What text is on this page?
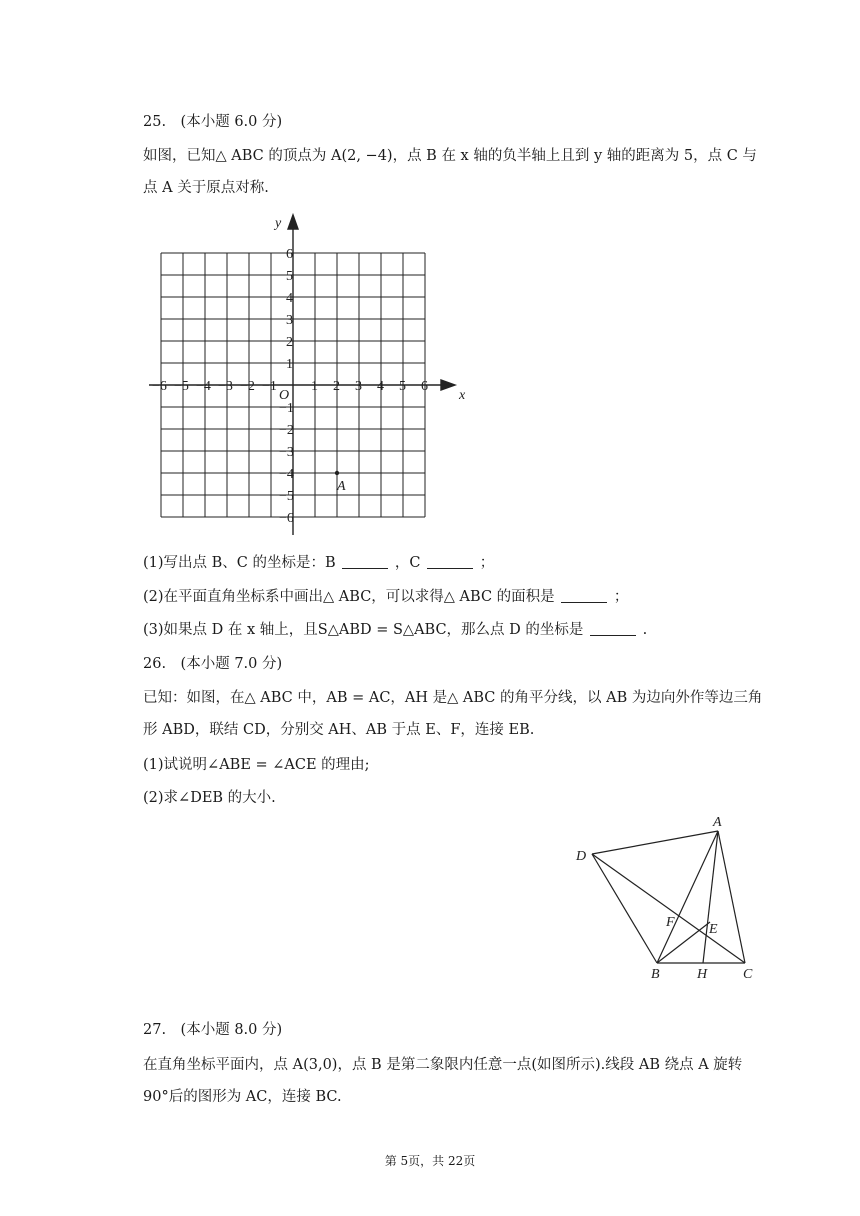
25.　(本小题 6.0 分)
如图，已知△ ABC 的顶点为 A(2, −4)，点 B 在 x 轴的负半轴上且到 y 轴的距离为 5，点 C 与
点 A 关于原点对称.
−6 −5 −4 −3 −2 −1 1 2 3 4 5 6
6
5
4
3
2
1
−1
−2
−3
−4
−5
−6
O	x
y
A
(1)写出点 B、C 的坐标是：B	，C	；
(2)在平面直角坐标系中画出△ ABC，可以求得△ ABC 的面积是	；
(3)如果点 D 在 x 轴上，且S△ABD = S△ABC，那么点 D 的坐标是	.
26.　(本小题 7.0 分)
已知：如图，在△ ABC 中，AB = AC，AH 是△ ABC 的角平分线，以 AB 为边向外作等边三角
形 ABD，联结 CD，分别交 AH、AB 于点 E、F，连接 EB.
(1)试说明∠ABE = ∠ACE 的理由;
(2)求∠DEB 的大小.
A
D
F E
B	H	C
27.　(本小题 8.0 分)
在直角坐标平面内，点 A(3,0)，点 B 是第二象限内任意一点(如图所示).线段 AB 绕点 A 旋转
90°后的图形为 AC，连接 BC.
第 5页，共 22页
